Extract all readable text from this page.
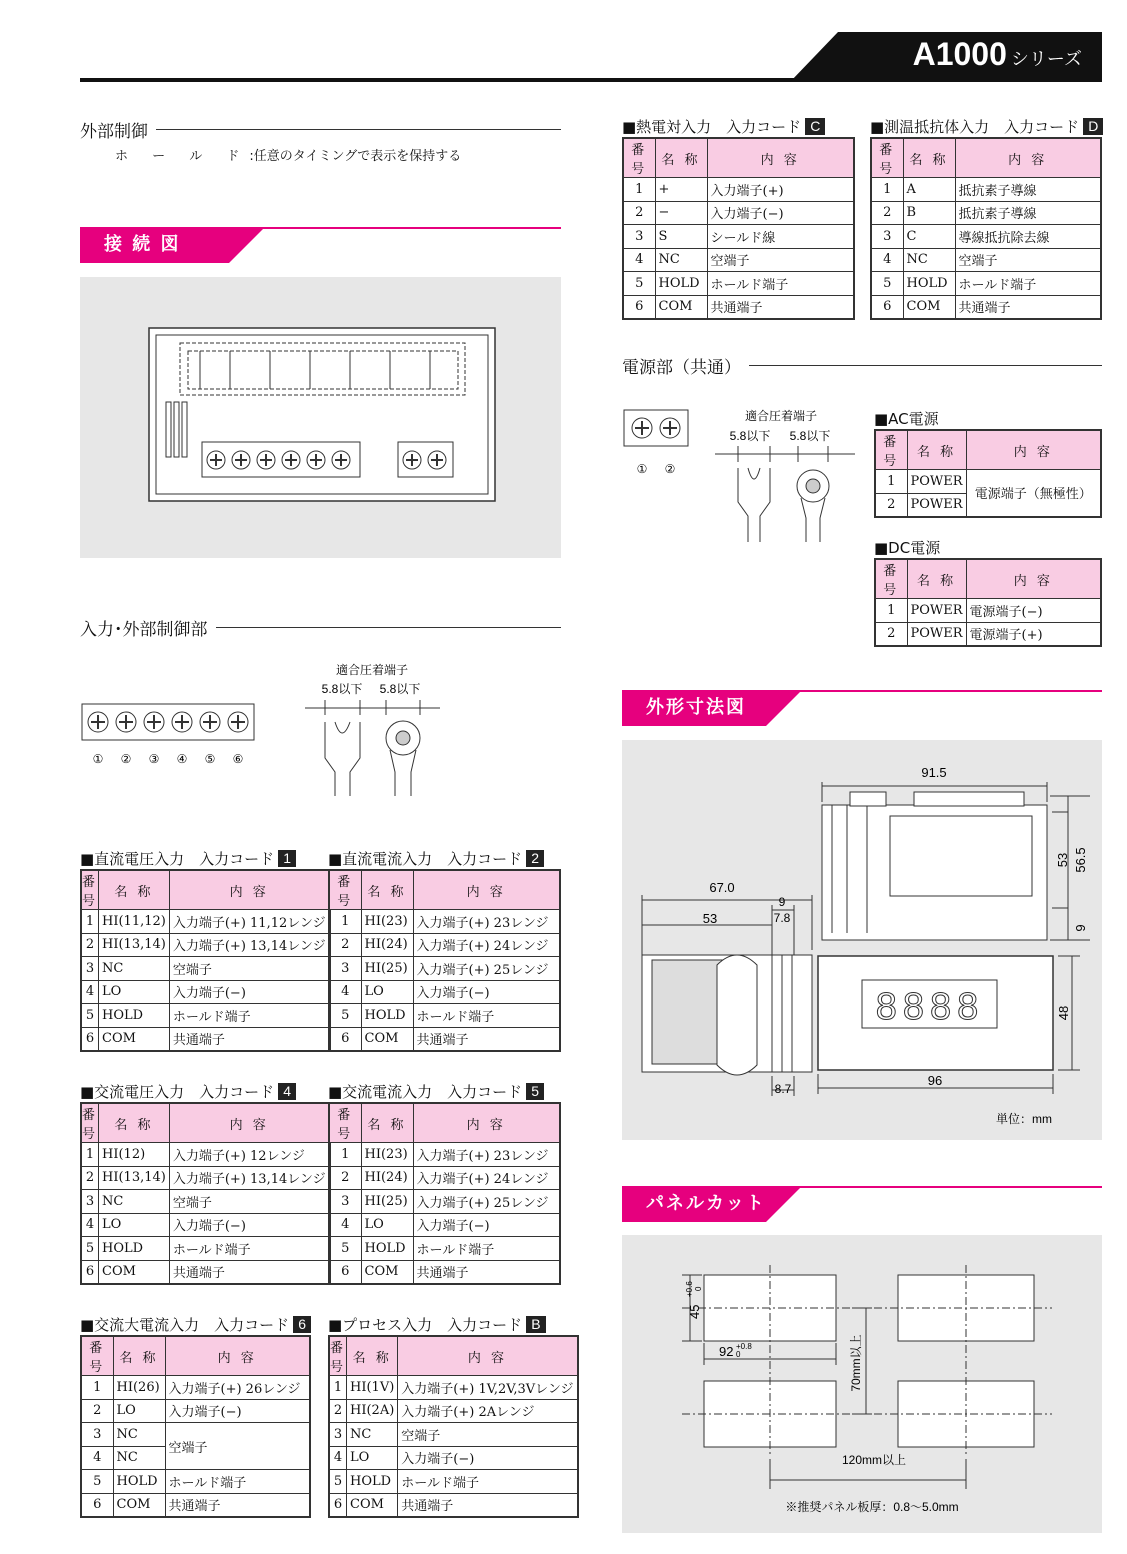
A1000 シリーズ
外部制御
ホ ー ル ド:任意のタイミングで表示を保持する
接 続 図
入力･外部制御部
① ② ③ ④ ⑤ ⑥
適合圧着端子
5.8以下 5.8以下
■直流電圧入力　入力コード 1
番号	名 称	内 容
1	HI(11,12)	入力端子(+) 11,12レンジ
2	HI(13,14)	入力端子(+) 13,14レンジ
3	NC	空端子
4	LO	入力端子(−)
5	HOLD	ホールド端子
6	COM	共通端子
■直流電流入力　入力コード 2
番号	名 称	内 容
1	HI(23)	入力端子(+) 23レンジ
2	HI(24)	入力端子(+) 24レンジ
3	HI(25)	入力端子(+) 25レンジ
4	LO	入力端子(−)
5	HOLD	ホールド端子
6	COM	共通端子
■交流電圧入力　入力コード 4
番号	名 称	内 容
1	HI(12)	入力端子(+) 12レンジ
2	HI(13,14)	入力端子(+) 13,14レンジ
3	NC	空端子
4	LO	入力端子(−)
5	HOLD	ホールド端子
6	COM	共通端子
■交流電流入力　入力コード 5
番号	名 称	内 容
1	HI(23)	入力端子(+) 23レンジ
2	HI(24)	入力端子(+) 24レンジ
3	HI(25)	入力端子(+) 25レンジ
4	LO	入力端子(−)
5	HOLD	ホールド端子
6	COM	共通端子
■交流大電流入力　入力コード 6
番号	名 称	内 容
1	HI(26)	入力端子(+) 26レンジ
2	LO	入力端子(−)
3	NC	空端子
4	NC	
5	HOLD	ホールド端子
6	COM	共通端子
■プロセス入力　入力コード B
番号	名 称	内 容
1	HI(1V)	入力端子(+) 1V,2V,3Vレンジ
2	HI(2A)	入力端子(+) 2Aレンジ
3	NC	空端子
4	LO	入力端子(−)
5	HOLD	ホールド端子
6	COM	共通端子
■熱電対入力　入力コード C
番号	名 称	内 容
1	+	入力端子(+)
2	−	入力端子(−)
3	S	シールド線
4	NC	空端子
5	HOLD	ホールド端子
6	COM	共通端子
■測温抵抗体入力　入力コード D
番号	名 称	内 容
1	A	抵抗素子導線
2	B	抵抗素子導線
3	C	導線抵抗除去線
4	NC	空端子
5	HOLD	ホールド端子
6	COM	共通端子
電源部（共通）
① ②
適合圧着端子
5.8以下 5.8以下
■AC電源
番号	名 称	内 容
1	POWER	電源端子（無極性）
2	POWER	
■DC電源
番号	名 称	内 容
1	POWER	電源端子(−)
2	POWER	電源端子(+)
外形寸法図
91.5
53 56.5
9
67.0
53
9
7.8
8888	48
96
8.7
単位：mm
パネルカット
45
+0.6 0
92 +0.8
0	70mm以上
120mm以上
※推奨パネル板厚：0.8〜5.0mm
